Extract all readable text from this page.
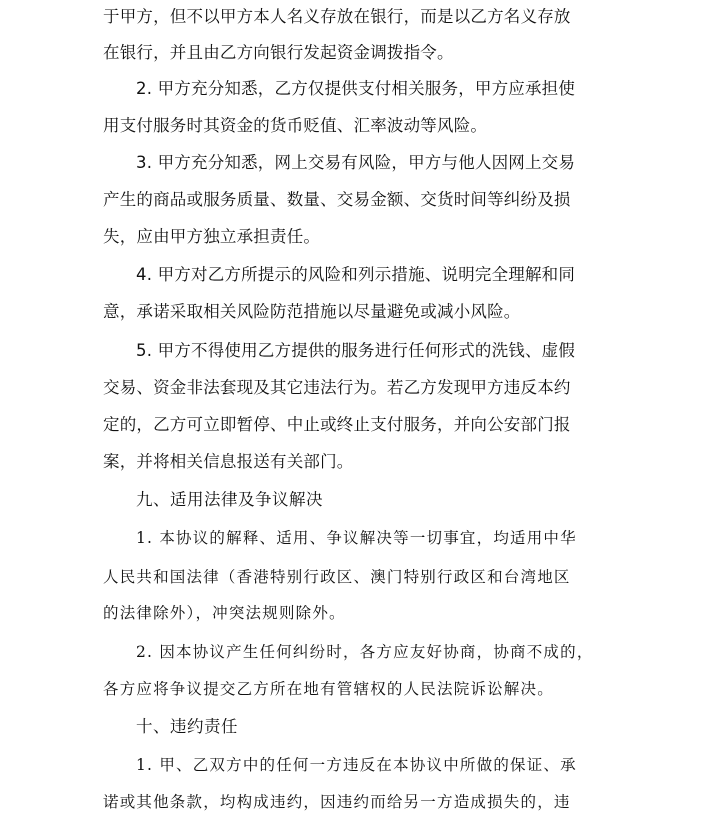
于甲方，但不以甲方本人名义存放在银行，而是以乙方名义存放
在银行，并且由乙方向银行发起资金调拨指令。
2. 甲方充分知悉，乙方仅提供支付相关服务，甲方应承担使
用支付服务时其资金的货币贬值、汇率波动等风险。
3. 甲方充分知悉，网上交易有风险，甲方与他人因网上交易
产生的商品或服务质量、数量、交易金额、交货时间等纠纷及损
失，应由甲方独立承担责任。
4. 甲方对乙方所提示的风险和列示措施、说明完全理解和同
意，承诺采取相关风险防范措施以尽量避免或减小风险。
5. 甲方不得使用乙方提供的服务进行任何形式的洗钱、虚假
交易、资金非法套现及其它违法行为。若乙方发现甲方违反本约
定的，乙方可立即暂停、中止或终止支付服务，并向公安部门报
案，并将相关信息报送有关部门。
九、适用法律及争议解决
1. 本协议的解释、适用、争议解决等一切事宜，均适用中华
人民共和国法律（香港特别行政区、澳门特别行政区和台湾地区
的法律除外），冲突法规则除外。
2. 因本协议产生任何纠纷时，各方应友好协商，协商不成的，
各方应将争议提交乙方所在地有管辖权的人民法院诉讼解决。
十、违约责任
1. 甲、乙双方中的任何一方违反在本协议中所做的保证、承
诺或其他条款，均构成违约，因违约而给另一方造成损失的，违
